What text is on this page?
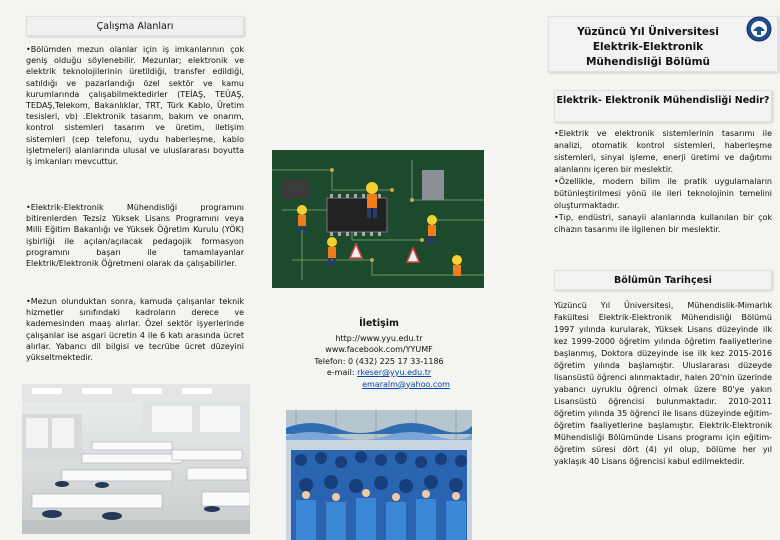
Çalışma Alanları

• Bölümden mezun olanlar için iş imkanlarının çok geniş olduğu söylenebilir. Mezunlar; elektronik ve elektrik teknolojilerinin üretildiği, transfer edildiği, satıldığı ve pazarlandığı özel sektör ve kamu kurumlarında çalışabilmektedirler (TEİAŞ, TEÜAŞ, TEDAŞ,Telekom, Bakanlıklar, TRT, Türk Kablo, Üretim tesisleri, vb) .Elektronik tasarım, bakım ve onarım, kontrol sistemleri tasarım ve üretim, iletişim sistemleri (cep telefonu, uydu haberleşme, kablo işletmeleri) alanlarında ulusal ve uluslararası boyutta iş imkanları mevcuttur.

• Elektrik-Elektronik Mühendisliği programını bitirenlerden Tezsiz Yüksek Lisans Programını veya Milli Eğitim Bakanlığı ve Yüksek Öğretim Kurulu (YÖK) işbirliği ile açılan/açılacak pedagojik formasyon programını başarı ile tamamlayanlar Elektrik/Elektronik Öğretmeni olarak da çalışabilirler.

• Mezun olunduktan sonra, kamuda çalışanlar teknik hizmetler sınıfındaki kadroların derece ve kademesinden maaş alırlar. Özel sektör işyerlerinde çalışanlar ise asgari ücretin 4 ile 6 katı arasında ücret alırlar. Yabancı dil bilgisi ve tecrübe ücret düzeyini yükseltmektedir.

İletişim
http://www.yyu.edu.tr
www.facebook.com/YYUMF
Telefon: 0 (432) 225 17 33-1186
e-mail: rkeser@yyu.edu.tr
emaralm@yahoo.com
Yüzüncü Yıl Üniversitesi Elektrik-Elektronik Mühendisliği Bölümü
Elektrik- Elektronik Mühendisliği Nedir?

• Elektrik ve elektronik sistemlerinin tasarımı ile analizi, otomatik kontrol sistemleri, haberleşme sistemleri, sinyal işleme, enerji üretimi ve dağıtımı alanlarını içeren bir meslektir.

• Özellikle, modern bilim ile pratik uygulamaların bütünleştirilmesi yönü ile ileri teknolojinin temelini oluşturmaktadır.

• Tıp, endüstri, sanayii alanlarında kullanılan bir çok cihazın tasarımı ile ilgilenen bir meslektir.

Bölümün Tarihçesi

Yüzüncü Yıl Üniversitesi, Mühendislik-Mimarlık Fakültesi Elektrik-Elektronik Mühendisliği Bölümü 1997 yılında kurularak, Yüksek Lisans düzeyinde ilk kez 1999-2000 öğretim yılında öğretim faaliyetlerine başlanmış, Doktora düzeyinde ise ilk kez 2015-2016 öğretim yılında başlamıştır. Uluslararası düzeyde lisansüstü öğrenci alınmaktadır, halen 20'nin üzerinde yabancı uyruklu öğrenci olmak üzere 80'ye yakın Lisansüstü öğrencisi bulunmaktadır. 2010-2011 öğretim yılında 35 öğrenci ile lisans düzeyinde eğitim-öğretim faaliyetlerine başlamıştır. Elektrik-Elektronik Mühendisliği Bölümünde Lisans programı için eğitim-öğretim süresi dört (4) yıl olup, bölüme her yıl yaklaşık 40 Lisans öğrencisi kabul edilmektedir.
